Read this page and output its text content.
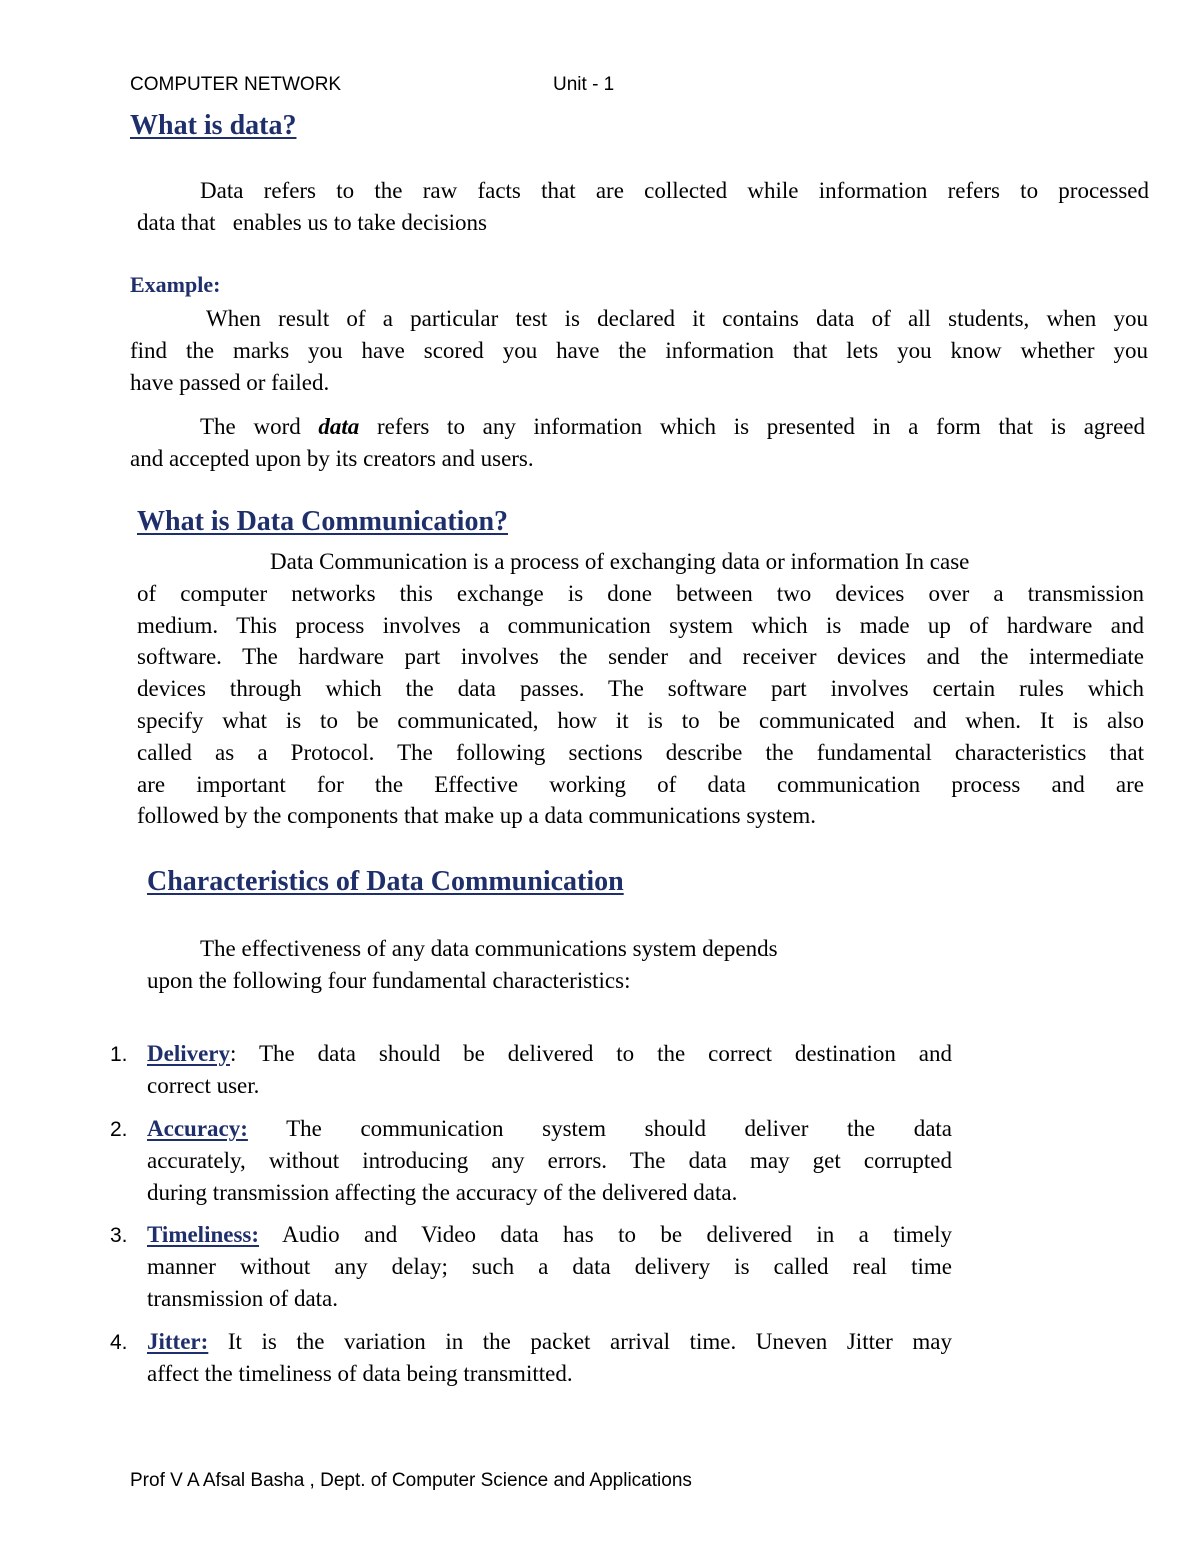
COMPUTER NETWORK	Unit - 1
What is data?

Data refers to the raw facts that are collected while information refers to processed
data that   enables us to take decisions

Example:

When result of a particular test is declared it contains data of all students, when you
find the marks you have scored you have the information that lets you know whether you
have passed or failed.

The word data refers to any information which is presented in a form that is agreed
and accepted upon by its creators and users.

What is Data Communication?

Data Communication is a process of exchanging data or information In case
of computer networks this exchange is done between two devices over a transmission
medium. This process involves a communication system which is made up of hardware and
software. The hardware part involves the sender and receiver devices and the intermediate
devices through which the data passes. The software part involves certain rules which
specify what is to be communicated, how it is to be communicated and when. It is also
called as a Protocol. The following sections describe the fundamental characteristics that
are important for the Effective working of data communication process and are
followed by the components that make up a data communications system.

Characteristics of Data Communication

The effectiveness of any data communications system depends
upon the following four fundamental characteristics:

1. Delivery: The data should be delivered to the correct destination and
correct user.

2. Accuracy: The communication system should deliver the data
accurately, without introducing any errors. The data may get corrupted
during transmission affecting the accuracy of the delivered data.

3. Timeliness: Audio and Video data has to be delivered in a timely
manner without any delay; such a data delivery is called real time
transmission of data.

4. Jitter: It is the variation in the packet arrival time. Uneven Jitter may
affect the timeliness of data being transmitted.

Prof V A Afsal Basha , Dept. of Computer Science and Applications
